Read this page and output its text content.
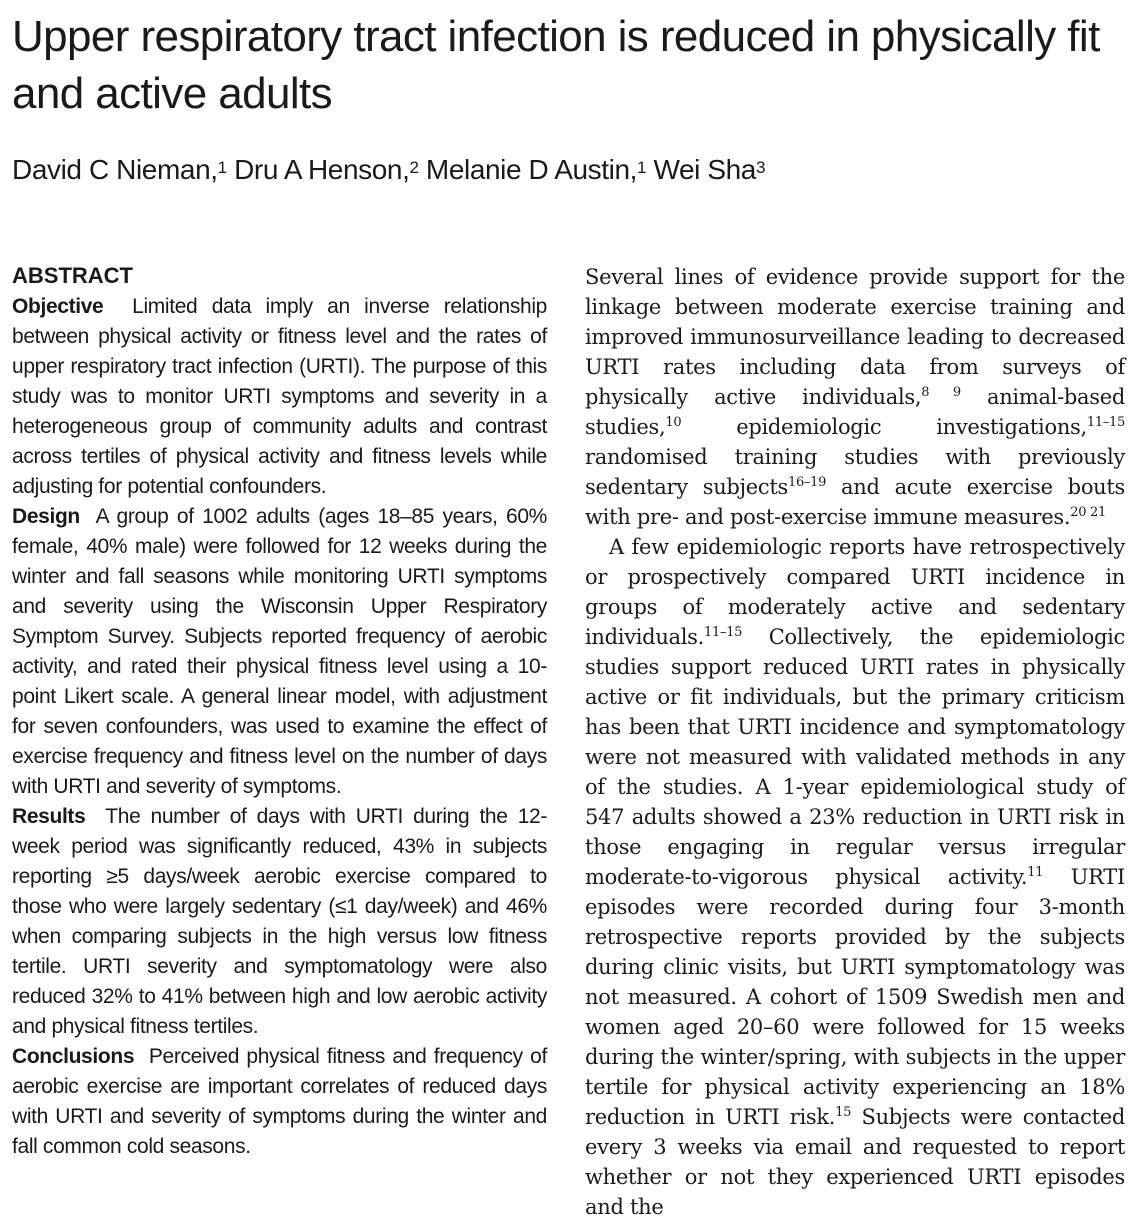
Upper respiratory tract infection is reduced in physically fit and active adults
David C Nieman,$^1$ Dru A Henson,$^2$ Melanie D Austin,$^1$ Wei Sha$^3$
ABSTRACT

Objective Limited data imply an inverse relationship between physical activity or fitness level and the rates of upper respiratory tract infection (URTI). The purpose of this study was to monitor URTI symptoms and severity in a heterogeneous group of community adults and contrast across tertiles of physical activity and fitness levels while adjusting for potential confounders.

Design A group of 1002 adults (ages 18–85 years, 60% female, 40% male) were followed for 12 weeks during the winter and fall seasons while monitoring URTI symptoms and severity using the Wisconsin Upper Respiratory Symptom Survey. Subjects reported frequency of aerobic activity, and rated their physical fitness level using a 10-point Likert scale. A general linear model, with adjustment for seven confounders, was used to examine the effect of exercise frequency and fitness level on the number of days with URTI and severity of symptoms.

Results The number of days with URTI during the 12-week period was significantly reduced, 43% in subjects reporting ≥5 days/week aerobic exercise compared to those who were largely sedentary (≤1 day/week) and 46% when comparing subjects in the high versus low fitness tertile. URTI severity and symptomatology were also reduced 32% to 41% between high and low aerobic activity and physical fitness tertiles.

Conclusions Perceived physical fitness and frequency of aerobic exercise are important correlates of reduced days with URTI and severity of symptoms during the winter and fall common cold seasons.

Several lines of evidence provide support for the linkage between moderate exercise training and improved immunosurveillance leading to decreased URTI rates including data from surveys of physically active individuals,$^{8 9}$ animal-based studies,$^{10}$ epidemiologic investigations,$^{11-15}$ randomised training studies with previously sedentary subjects$^{16-19}$ and acute exercise bouts with pre- and post-exercise immune measures.$^{20 21}$

A few epidemiologic reports have retrospectively or prospectively compared URTI incidence in groups of moderately active and sedentary individuals.$^{11-15}$ Collectively, the epidemiologic studies support reduced URTI rates in physically active or fit individuals, but the primary criticism has been that URTI incidence and symptomatology were not measured with validated methods in any of the studies. A 1-year epidemiological study of 547 adults showed a 23% reduction in URTI risk in those engaging in regular versus irregular moderate-to-vigorous physical activity.$^{11}$ URTI episodes were recorded during four 3-month retrospective reports provided by the subjects during clinic visits, but URTI symptomatology was not measured. A cohort of 1509 Swedish men and women aged 20–60 were followed for 15 weeks during the winter/spring, with subjects in the upper tertile for physical activity experiencing an 18% reduction in URTI risk.$^{15}$ Subjects were contacted every 3 weeks via email and requested to report whether or not they experienced URTI episodes and the
